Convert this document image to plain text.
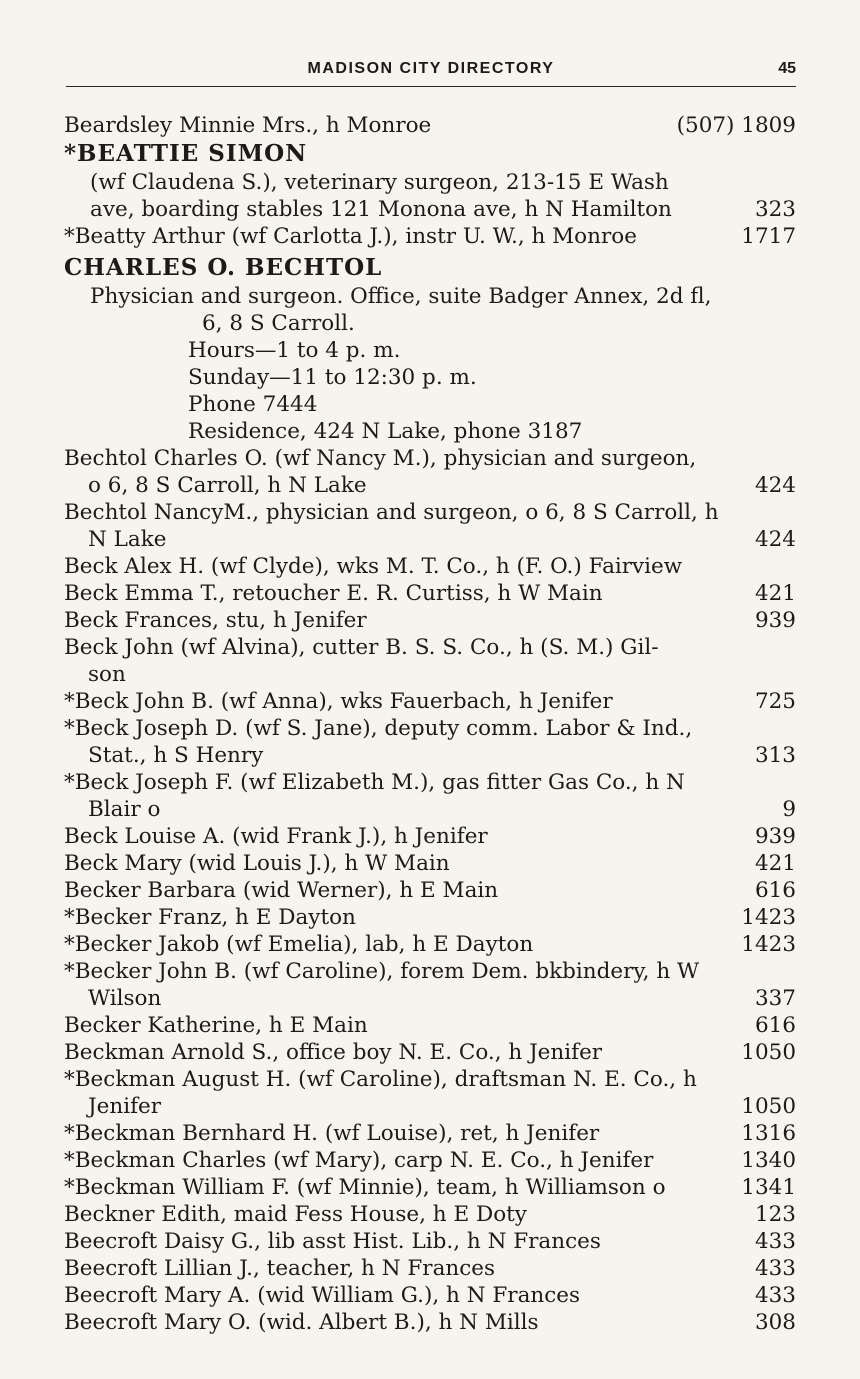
MADISON CITY DIRECTORY	45
Beardsley Minnie Mrs., h Monroe	(507) 1809
*BEATTIE SIMON
(wf Claudena S.), veterinary surgeon, 213-15 E Wash
ave, boarding stables 121 Monona ave, h N Hamilton	323
*Beatty Arthur (wf Carlotta J.), instr U. W., h Monroe	1717
CHARLES O. BECHTOL
Physician and surgeon. Office, suite Badger Annex, 2d fl,
6, 8 S Carroll.
Hours—1 to 4 p. m.
Sunday—11 to 12:30 p. m.
Phone 7444
Residence, 424 N Lake, phone 3187
Bechtol Charles O. (wf Nancy M.), physician and surgeon,
o 6, 8 S Carroll, h N Lake	424
Bechtol NancyM., physician and surgeon, o 6, 8 S Carroll, h
N Lake	424
Beck Alex H. (wf Clyde), wks M. T. Co., h (F. O.) Fairview
Beck Emma T., retoucher E. R. Curtiss, h W Main	421
Beck Frances, stu, h Jenifer	939
Beck John (wf Alvina), cutter B. S. S. Co., h (S. M.) Gil-
son
*Beck John B. (wf Anna), wks Fauerbach, h Jenifer	725
*Beck Joseph D. (wf S. Jane), deputy comm. Labor & Ind.,
Stat., h S Henry	313
*Beck Joseph F. (wf Elizabeth M.), gas fitter Gas Co., h N
Blair o	9
Beck Louise A. (wid Frank J.), h Jenifer	939
Beck Mary (wid Louis J.), h W Main	421
Becker Barbara (wid Werner), h E Main	616
*Becker Franz, h E Dayton	1423
*Becker Jakob (wf Emelia), lab, h E Dayton	1423
*Becker John B. (wf Caroline), forem Dem. bkbindery, h W
Wilson	337
Becker Katherine, h E Main	616
Beckman Arnold S., office boy N. E. Co., h Jenifer	1050
*Beckman August H. (wf Caroline), draftsman N. E. Co., h
Jenifer	1050
*Beckman Bernhard H. (wf Louise), ret, h Jenifer	1316
*Beckman Charles (wf Mary), carp N. E. Co., h Jenifer	1340
*Beckman William F. (wf Minnie), team, h Williamson o	1341
Beckner Edith, maid Fess House, h E Doty	123
Beecroft Daisy G., lib asst Hist. Lib., h N Frances	433
Beecroft Lillian J., teacher, h N Frances	433
Beecroft Mary A. (wid William G.), h N Frances	433
Beecroft Mary O. (wid. Albert B.), h N Mills	308
